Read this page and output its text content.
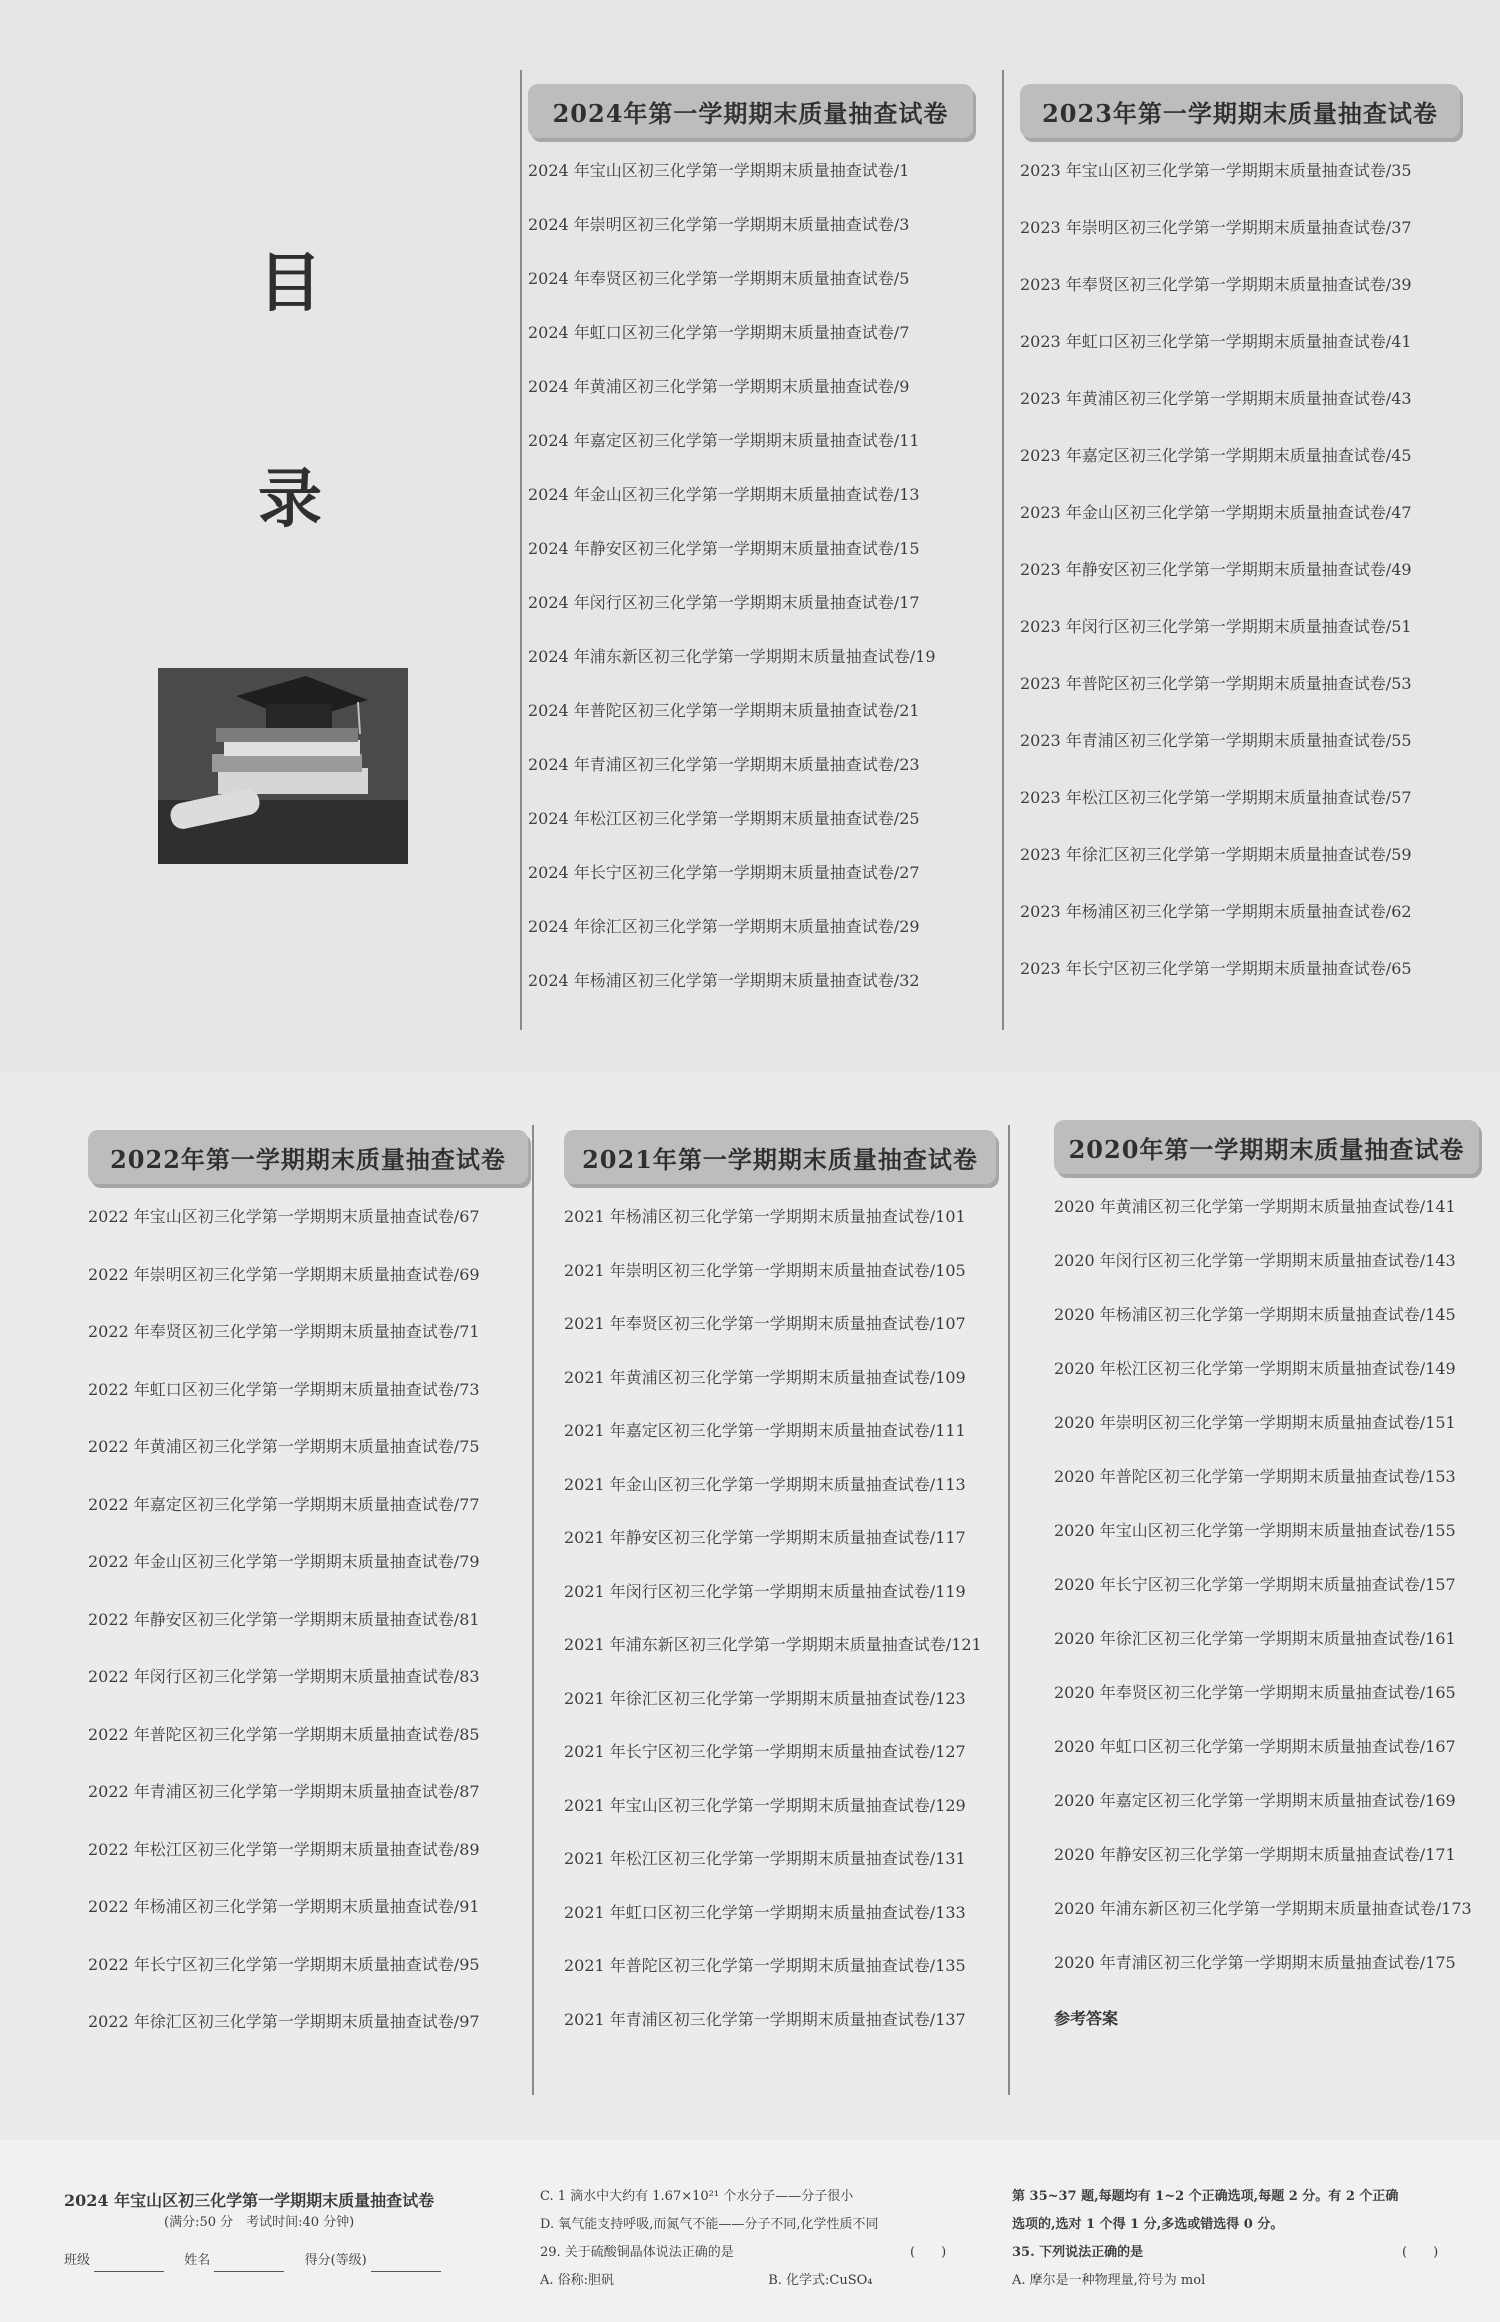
目
录
2024年第一学期期末质量抽查试卷
2024 年宝山区初三化学第一学期期末质量抽查试卷/1
2024 年崇明区初三化学第一学期期末质量抽查试卷/3
2024 年奉贤区初三化学第一学期期末质量抽查试卷/5
2024 年虹口区初三化学第一学期期末质量抽查试卷/7
2024 年黄浦区初三化学第一学期期末质量抽查试卷/9
2024 年嘉定区初三化学第一学期期末质量抽查试卷/11
2024 年金山区初三化学第一学期期末质量抽查试卷/13
2024 年静安区初三化学第一学期期末质量抽查试卷/15
2024 年闵行区初三化学第一学期期末质量抽查试卷/17
2024 年浦东新区初三化学第一学期期末质量抽查试卷/19
2024 年普陀区初三化学第一学期期末质量抽查试卷/21
2024 年青浦区初三化学第一学期期末质量抽查试卷/23
2024 年松江区初三化学第一学期期末质量抽查试卷/25
2024 年长宁区初三化学第一学期期末质量抽查试卷/27
2024 年徐汇区初三化学第一学期期末质量抽查试卷/29
2024 年杨浦区初三化学第一学期期末质量抽查试卷/32
2023年第一学期期末质量抽查试卷
2023 年宝山区初三化学第一学期期末质量抽查试卷/35
2023 年崇明区初三化学第一学期期末质量抽查试卷/37
2023 年奉贤区初三化学第一学期期末质量抽查试卷/39
2023 年虹口区初三化学第一学期期末质量抽查试卷/41
2023 年黄浦区初三化学第一学期期末质量抽查试卷/43
2023 年嘉定区初三化学第一学期期末质量抽查试卷/45
2023 年金山区初三化学第一学期期末质量抽查试卷/47
2023 年静安区初三化学第一学期期末质量抽查试卷/49
2023 年闵行区初三化学第一学期期末质量抽查试卷/51
2023 年普陀区初三化学第一学期期末质量抽查试卷/53
2023 年青浦区初三化学第一学期期末质量抽查试卷/55
2023 年松江区初三化学第一学期期末质量抽查试卷/57
2023 年徐汇区初三化学第一学期期末质量抽查试卷/59
2023 年杨浦区初三化学第一学期期末质量抽查试卷/62
2023 年长宁区初三化学第一学期期末质量抽查试卷/65
2022年第一学期期末质量抽查试卷
2022 年宝山区初三化学第一学期期末质量抽查试卷/67
2022 年崇明区初三化学第一学期期末质量抽查试卷/69
2022 年奉贤区初三化学第一学期期末质量抽查试卷/71
2022 年虹口区初三化学第一学期期末质量抽查试卷/73
2022 年黄浦区初三化学第一学期期末质量抽查试卷/75
2022 年嘉定区初三化学第一学期期末质量抽查试卷/77
2022 年金山区初三化学第一学期期末质量抽查试卷/79
2022 年静安区初三化学第一学期期末质量抽查试卷/81
2022 年闵行区初三化学第一学期期末质量抽查试卷/83
2022 年普陀区初三化学第一学期期末质量抽查试卷/85
2022 年青浦区初三化学第一学期期末质量抽查试卷/87
2022 年松江区初三化学第一学期期末质量抽查试卷/89
2022 年杨浦区初三化学第一学期期末质量抽查试卷/91
2022 年长宁区初三化学第一学期期末质量抽查试卷/95
2022 年徐汇区初三化学第一学期期末质量抽查试卷/97
2021年第一学期期末质量抽查试卷
2021 年杨浦区初三化学第一学期期末质量抽查试卷/101
2021 年崇明区初三化学第一学期期末质量抽查试卷/105
2021 年奉贤区初三化学第一学期期末质量抽查试卷/107
2021 年黄浦区初三化学第一学期期末质量抽查试卷/109
2021 年嘉定区初三化学第一学期期末质量抽查试卷/111
2021 年金山区初三化学第一学期期末质量抽查试卷/113
2021 年静安区初三化学第一学期期末质量抽查试卷/117
2021 年闵行区初三化学第一学期期末质量抽查试卷/119
2021 年浦东新区初三化学第一学期期末质量抽查试卷/121
2021 年徐汇区初三化学第一学期期末质量抽查试卷/123
2021 年长宁区初三化学第一学期期末质量抽查试卷/127
2021 年宝山区初三化学第一学期期末质量抽查试卷/129
2021 年松江区初三化学第一学期期末质量抽查试卷/131
2021 年虹口区初三化学第一学期期末质量抽查试卷/133
2021 年普陀区初三化学第一学期期末质量抽查试卷/135
2021 年青浦区初三化学第一学期期末质量抽查试卷/137
2020年第一学期期末质量抽查试卷
2020 年黄浦区初三化学第一学期期末质量抽查试卷/141
2020 年闵行区初三化学第一学期期末质量抽查试卷/143
2020 年杨浦区初三化学第一学期期末质量抽查试卷/145
2020 年松江区初三化学第一学期期末质量抽查试卷/149
2020 年崇明区初三化学第一学期期末质量抽查试卷/151
2020 年普陀区初三化学第一学期期末质量抽查试卷/153
2020 年宝山区初三化学第一学期期末质量抽查试卷/155
2020 年长宁区初三化学第一学期期末质量抽查试卷/157
2020 年徐汇区初三化学第一学期期末质量抽查试卷/161
2020 年奉贤区初三化学第一学期期末质量抽查试卷/165
2020 年虹口区初三化学第一学期期末质量抽查试卷/167
2020 年嘉定区初三化学第一学期期末质量抽查试卷/169
2020 年静安区初三化学第一学期期末质量抽查试卷/171
2020 年浦东新区初三化学第一学期期末质量抽查试卷/173
2020 年青浦区初三化学第一学期期末质量抽查试卷/175
参考答案
2024 年宝山区初三化学第一学期期末质量抽查试卷
(满分:50 分　考试时间:40 分钟)
班级	姓名	得分(等级)
C. 1 滴水中大约有 1.67×10²¹ 个水分子——分子很小
D. 氧气能支持呼吸,而氮气不能——分子不同,化学性质不同
29. 关于硫酸铜晶体说法正确的是	(　　)
A. 俗称:胆矾	B. 化学式:CuSO₄
第 35~37 题,每题均有 1~2 个正确选项,每题 2 分。有 2 个正确
选项的,选对 1 个得 1 分,多选或错选得 0 分。
35. 下列说法正确的是	(　　)
A. 摩尔是一种物理量,符号为 mol
